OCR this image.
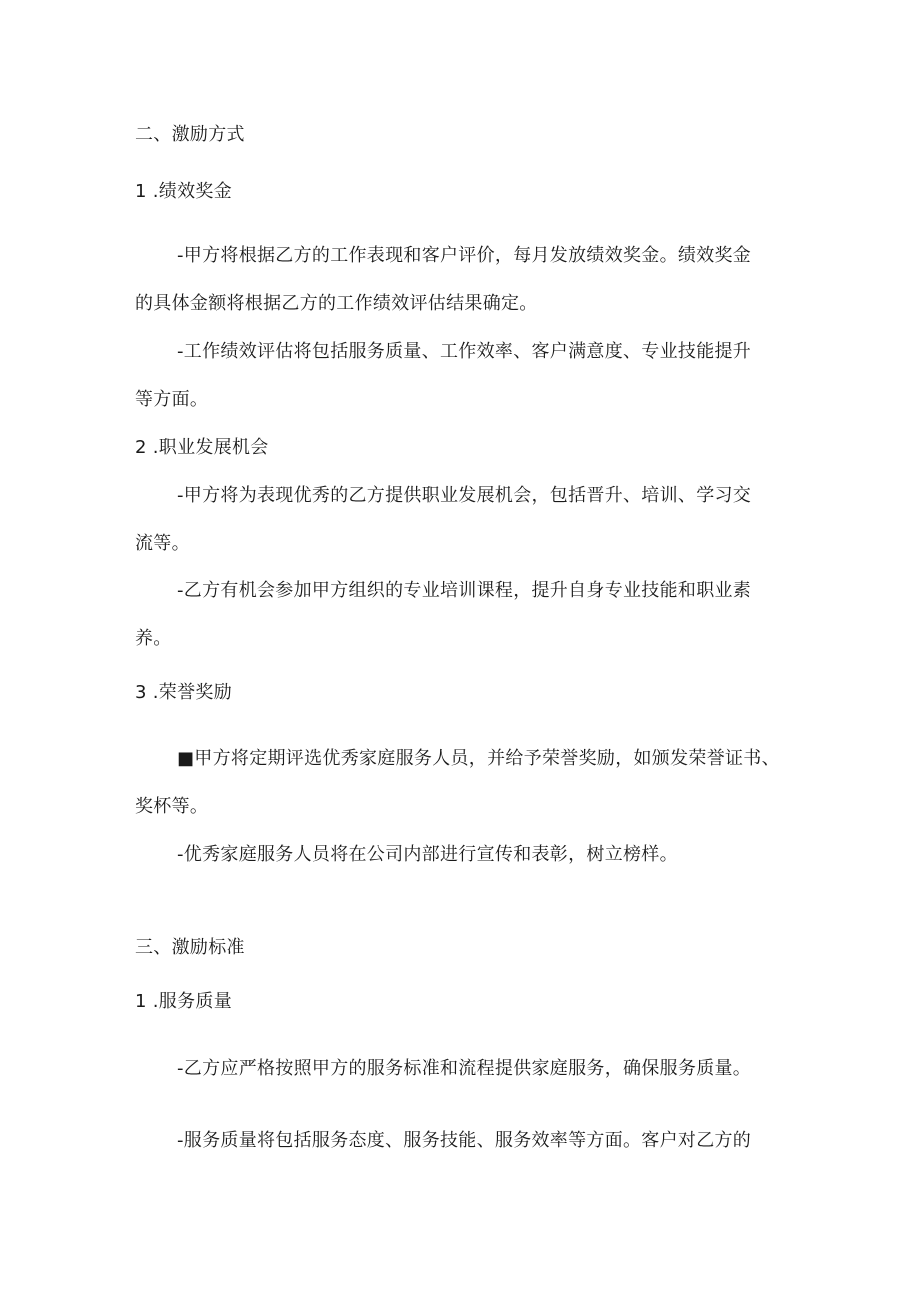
二、激励方式
1 .绩效奖金
-甲方将根据乙方的工作表现和客户评价，每月发放绩效奖金。绩效奖金
的具体金额将根据乙方的工作绩效评估结果确定。
-工作绩效评估将包括服务质量、工作效率、客户满意度、专业技能提升
等方面。
2 .职业发展机会
-甲方将为表现优秀的乙方提供职业发展机会，包括晋升、培训、学习交
流等。
-乙方有机会参加甲方组织的专业培训课程，提升自身专业技能和职业素
养。
3 .荣誉奖励
■甲方将定期评选优秀家庭服务人员，并给予荣誉奖励，如颁发荣誉证书、
奖杯等。
-优秀家庭服务人员将在公司内部进行宣传和表彰，树立榜样。
三、激励标准
1 .服务质量
-乙方应严格按照甲方的服务标准和流程提供家庭服务，确保服务质量。
-服务质量将包括服务态度、服务技能、服务效率等方面。客户对乙方的
